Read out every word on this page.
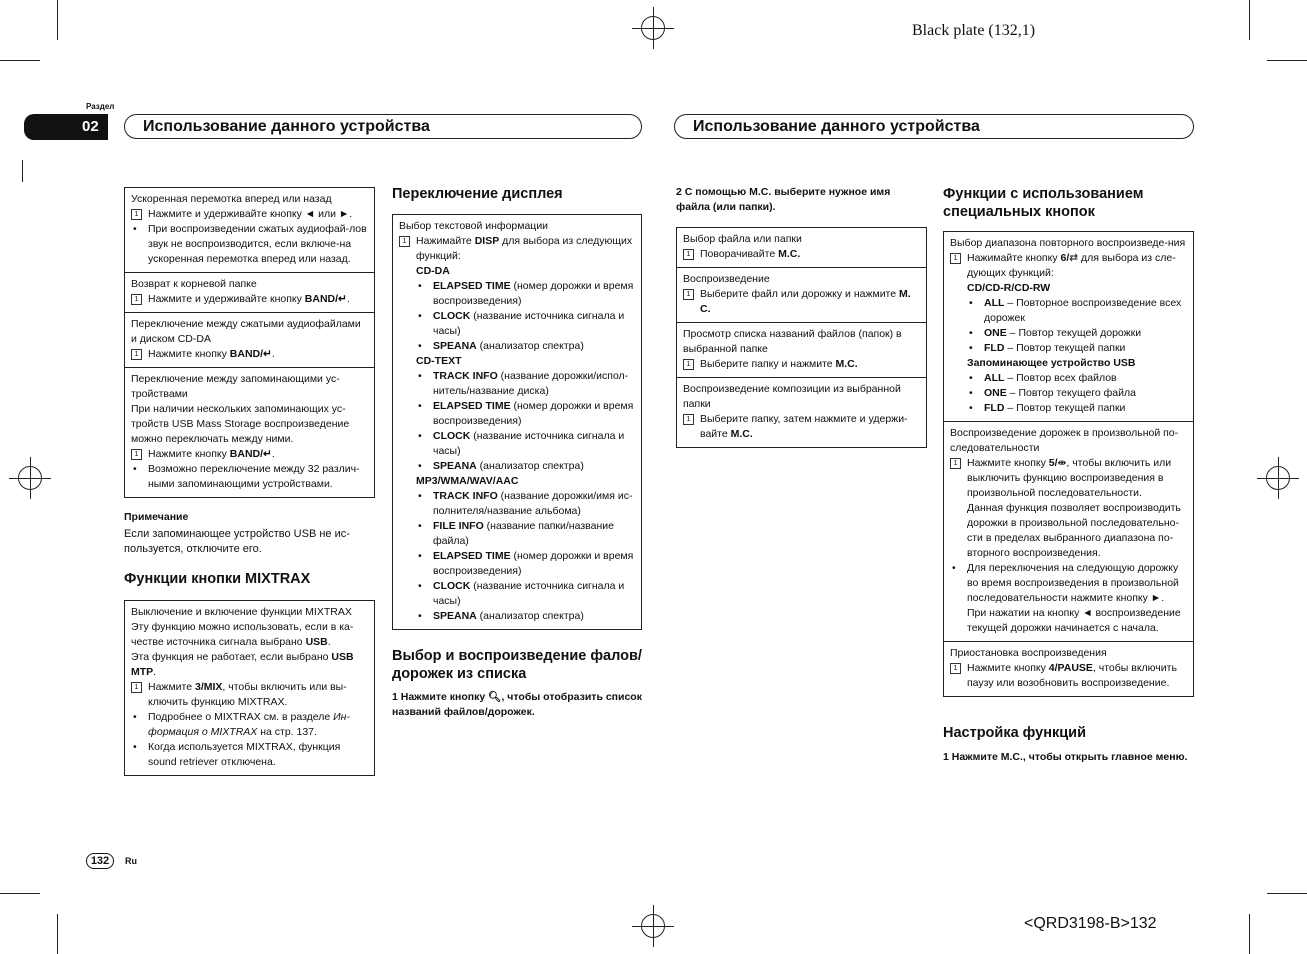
Black plate (132,1)
Раздел
02	Использование данного устройства	Использование данного устройства
Ускоренная перемотка вперед или назад
1 Нажмите и удерживайте кнопку ◄ или ►.
• При воспроизведении сжатых аудиофай-лов звук не воспроизводится, если включе-на ускоренная перемотка вперед или назад.
Возврат к корневой папке
1 Нажмите и удерживайте кнопку BAND/↵.
Переключение между сжатыми аудиофайлами и диском CD-DA
1 Нажмите кнопку BAND/↵.
Переключение между запоминающими ус-тройствами
При наличии нескольких запоминающих ус-тройств USB Mass Storage воспроизведение можно переключать между ними.
1 Нажмите кнопку BAND/↵.
• Возможно переключение между 32 различ-ными запоминающими устройствами.
Примечание
Если запоминающее устройство USB не ис-пользуется, отключите его.
Функции кнопки MIXTRAX
Выключение и включение функции MIXTRAX
Эту функцию можно использовать, если в ка-честве источника сигнала выбрано USB.
Эта функция не работает, если выбрано USB MTP.
1 Нажмите 3/MIX, чтобы включить или вы-ключить функцию MIXTRAX.
• Подробнее о MIXTRAX см. в разделе Ин-формация о MIXTRAX на стр. 137.
• Когда используется MIXTRAX, функция sound retriever отключена.
Переключение дисплея
Выбор текстовой информации
1 Нажимайте DISP для выбора из следующих функций:
CD-DA
• ELAPSED TIME (номер дорожки и время воспроизведения)
• CLOCK (название источника сигнала и часы)
• SPEANA (анализатор спектра)
CD-TEXT
• TRACK INFO (название дорожки/испол-нитель/название диска)
• ELAPSED TIME (номер дорожки и время воспроизведения)
• CLOCK (название источника сигнала и часы)
• SPEANA (анализатор спектра)
MP3/WMA/WAV/AAC
• TRACK INFO (название дорожки/имя ис-полнителя/название альбома)
• FILE INFO (название папки/название файла)
• ELAPSED TIME (номер дорожки и время воспроизведения)
• CLOCK (название источника сигнала и часы)
• SPEANA (анализатор спектра)
Выбор и воспроизведение фалов/дорожек из списка
1 Нажмите кнопку 🔍︎, чтобы отобразить список названий файлов/дорожек.
2 С помощью M.C. выберите нужное имя файла (или папки).
Выбор файла или папки
1 Поворачивайте M.C.
Воспроизведение
1 Выберите файл или дорожку и нажмите M. C.
Просмотр списка названий файлов (папок) в выбранной папке
1 Выберите папку и нажмите M.C.
Воспроизведение композиции из выбранной папки
1 Выберите папку, затем нажмите и удержи-вайте M.C.
Функции с использованием специальных кнопок
Выбор диапазона повторного воспроизведе-ния
1 Нажимайте кнопку 6/⇄ для выбора из сле-дующих функций:
CD/CD-R/CD-RW
• ALL – Повторное воспроизведение всех дорожек
• ONE – Повтор текущей дорожки
• FLD – Повтор текущей папки
Запоминающее устройство USB
• ALL – Повтор всех файлов
• ONE – Повтор текущего файла
• FLD – Повтор текущей папки
Воспроизведение дорожек в произвольной по-следовательности
1 Нажмите кнопку 5/⇼, чтобы включить или выключить функцию воспроизведения в произвольной последовательности.
Данная функция позволяет воспроизводить дорожки в произвольной последовательно-сти в пределах выбранного диапазона по-вторного воспроизведения.
• Для переключения на следующую дорожку во время воспроизведения в произвольной последовательности нажмите кнопку ►.
При нажатии на кнопку ◄ воспроизведение текущей дорожки начинается с начала.
Приостановка воспроизведения
1 Нажмите кнопку 4/PAUSE, чтобы включить паузу или возобновить воспроизведение.
Настройка функций
1 Нажмите M.C., чтобы открыть главное меню.
132	Ru
<QRD3198-B>132
